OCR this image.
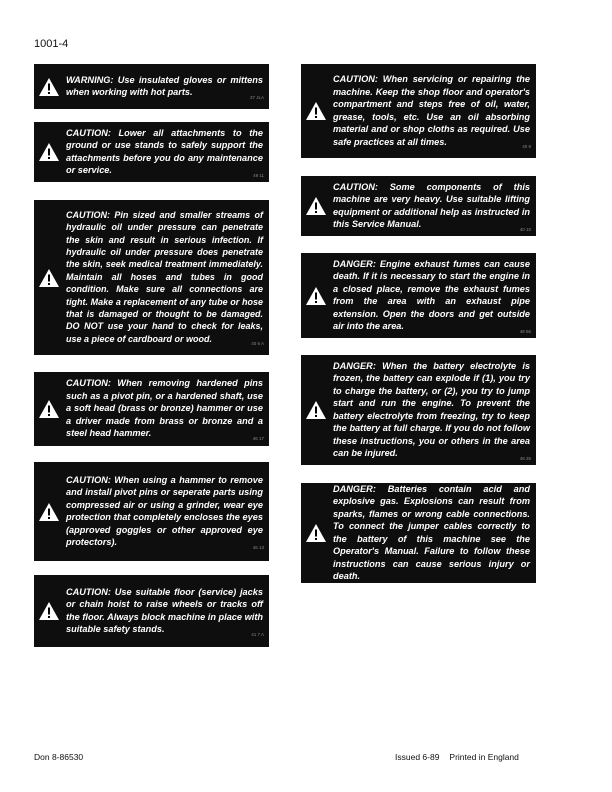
1001-4
WARNING: Use insulated gloves or mittens when working with hot parts.	37 JLA
CAUTION: Lower all attachments to the ground or use stands to safely support the attachments before you do any maintenance or service.	49 11
CAUTION: Pin sized and smaller streams of hydraulic oil under pressure can penetrate the skin and result in serious infection. If hydraulic oil under pressure does penetrate the skin, seek medical treatment immediately. Maintain all hoses and tubes in good condition. Make sure all connections are tight. Make a replacement of any tube or hose that is damaged or thought to be damaged. DO NOT use your hand to check for leaks, use a piece of cardboard or wood.	40 6 A
CAUTION: When removing hardened pins such as a pivot pin, or a hardened shaft, use a soft head (brass or bronze) hammer or use a driver made from brass or bronze and a steel head hammer.	46 17
CAUTION: When using a hammer to remove and install pivot pins or seperate parts using compressed air or using a grinder, wear eye protection that completely encloses the eyes (approved goggles or other approved eye protectors).	46 13
CAUTION: Use suitable floor (service) jacks or chain hoist to raise wheels or tracks off the floor. Always block machine in place with suitable safety stands.	41 7 A
CAUTION: When servicing or repairing the machine. Keep the shop floor and operator's compartment and steps free of oil, water, grease, tools, etc. Use an oil absorbing material and or shop cloths as required. Use safe practices at all times.	40 8
CAUTION: Some components of this machine are very heavy. Use suitable lifting equipment or additional help as instructed in this Service Manual.	40 10
DANGER: Engine exhaust fumes can cause death. If it is necessary to start the engine in a closed place, remove the exhaust fumes from the area with an exhaust pipe extension. Open the doors and get outside air into the area.	48 56
DANGER: When the battery electrolyte is frozen, the battery can explode if (1), you try to charge the battery, or (2), you try to jump start and run the engine. To prevent the battery electrolyte from freezing, try to keep the battery at full charge. If you do not follow these instructions, you or others in the area can be injured.	48 35
DANGER: Batteries contain acid and explosive gas. Explosions can result from sparks, flames or wrong cable connections. To connect the jumper cables correctly to the battery of this machine see the Operator's Manual. Failure to follow these instructions can cause serious injury or death.
Don 8-86530	Issued 6-89 Printed in England
